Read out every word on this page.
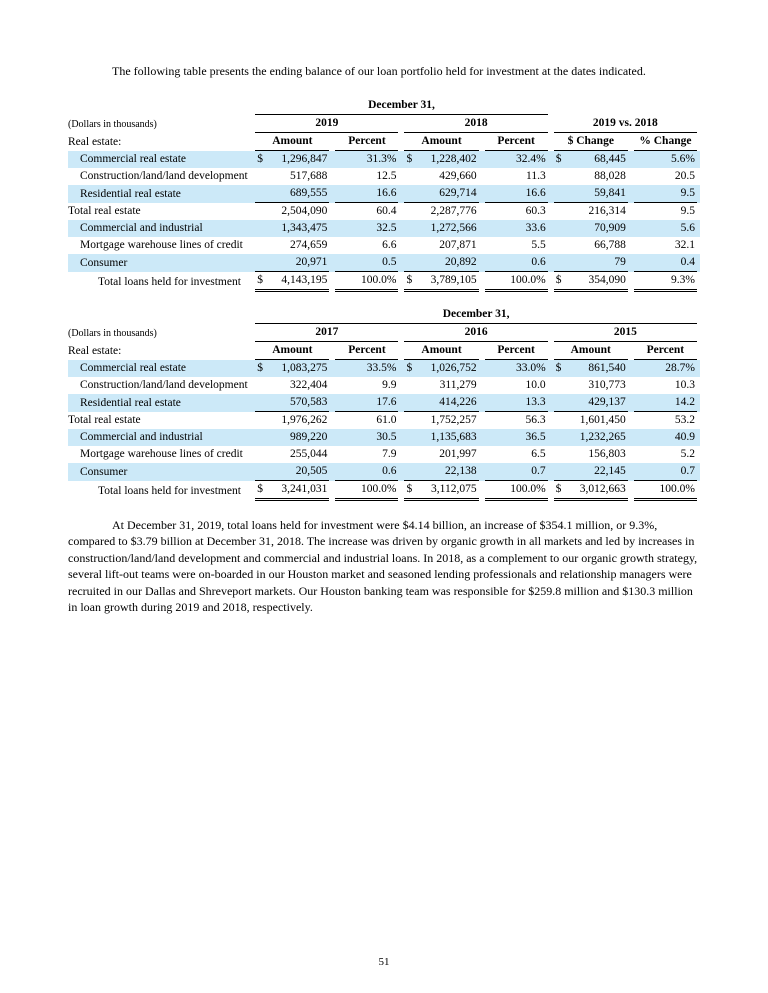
The following table presents the ending balance of our loan portfolio held for investment at the dates indicated.

	December 31,					

(Dollars in thousands)	2019		2018		2019 vs. 2018	

Real estate:	Amount	Percent	Amount	Percent	$ Change	% Change

Commercial real estate	$ 1,296,847	31.3%	$ 1,228,402	32.4%	$ 68,445	5.6%

Construction/land/land development	517,688	12.5	429,660	11.3	88,028	20.5

Residential real estate	689,555	16.6	629,714	16.6	59,841	9.5

Total real estate	2,504,090	60.4	2,287,776	60.3	216,314	9.5

Commercial and industrial	1,343,475	32.5	1,272,566	33.6	70,909	5.6

Mortgage warehouse lines of credit	274,659	6.6	207,871	5.5	66,788	32.1

Consumer	20,971	0.5	20,892	0.6	79	0.4

Total loans held for investment	$ 4,143,195	100.0%	$ 3,789,105	100.0%	$ 354,090	9.3%

	December 31,					

(Dollars in thousands)	2017		2016		2015	

Real estate:	Amount	Percent	Amount	Percent	Amount	Percent

Commercial real estate	$ 1,083,275	33.5%	$ 1,026,752	33.0%	$ 861,540	28.7%

Construction/land/land development	322,404	9.9	311,279	10.0	310,773	10.3

Residential real estate	570,583	17.6	414,226	13.3	429,137	14.2

Total real estate	1,976,262	61.0	1,752,257	56.3	1,601,450	53.2

Commercial and industrial	989,220	30.5	1,135,683	36.5	1,232,265	40.9

Mortgage warehouse lines of credit	255,044	7.9	201,997	6.5	156,803	5.2

Consumer	20,505	0.6	22,138	0.7	22,145	0.7

Total loans held for investment	$ 3,241,031	100.0%	$ 3,112,075	100.0%	$ 3,012,663	100.0%

At December 31, 2019, total loans held for investment were $4.14 billion, an increase of $354.1 million, or 9.3%, compared to $3.79 billion at December 31, 2018. The increase was driven by organic growth in all markets and led by increases in construction/land/land development and commercial and industrial loans. In 2018, as a complement to our organic growth strategy, several lift-out teams were on-boarded in our Houston market and seasoned lending professionals and relationship managers were recruited in our Dallas and Shreveport markets. Our Houston banking team was responsible for $259.8 million and $130.3 million in loan growth during 2019 and 2018, respectively.

51
